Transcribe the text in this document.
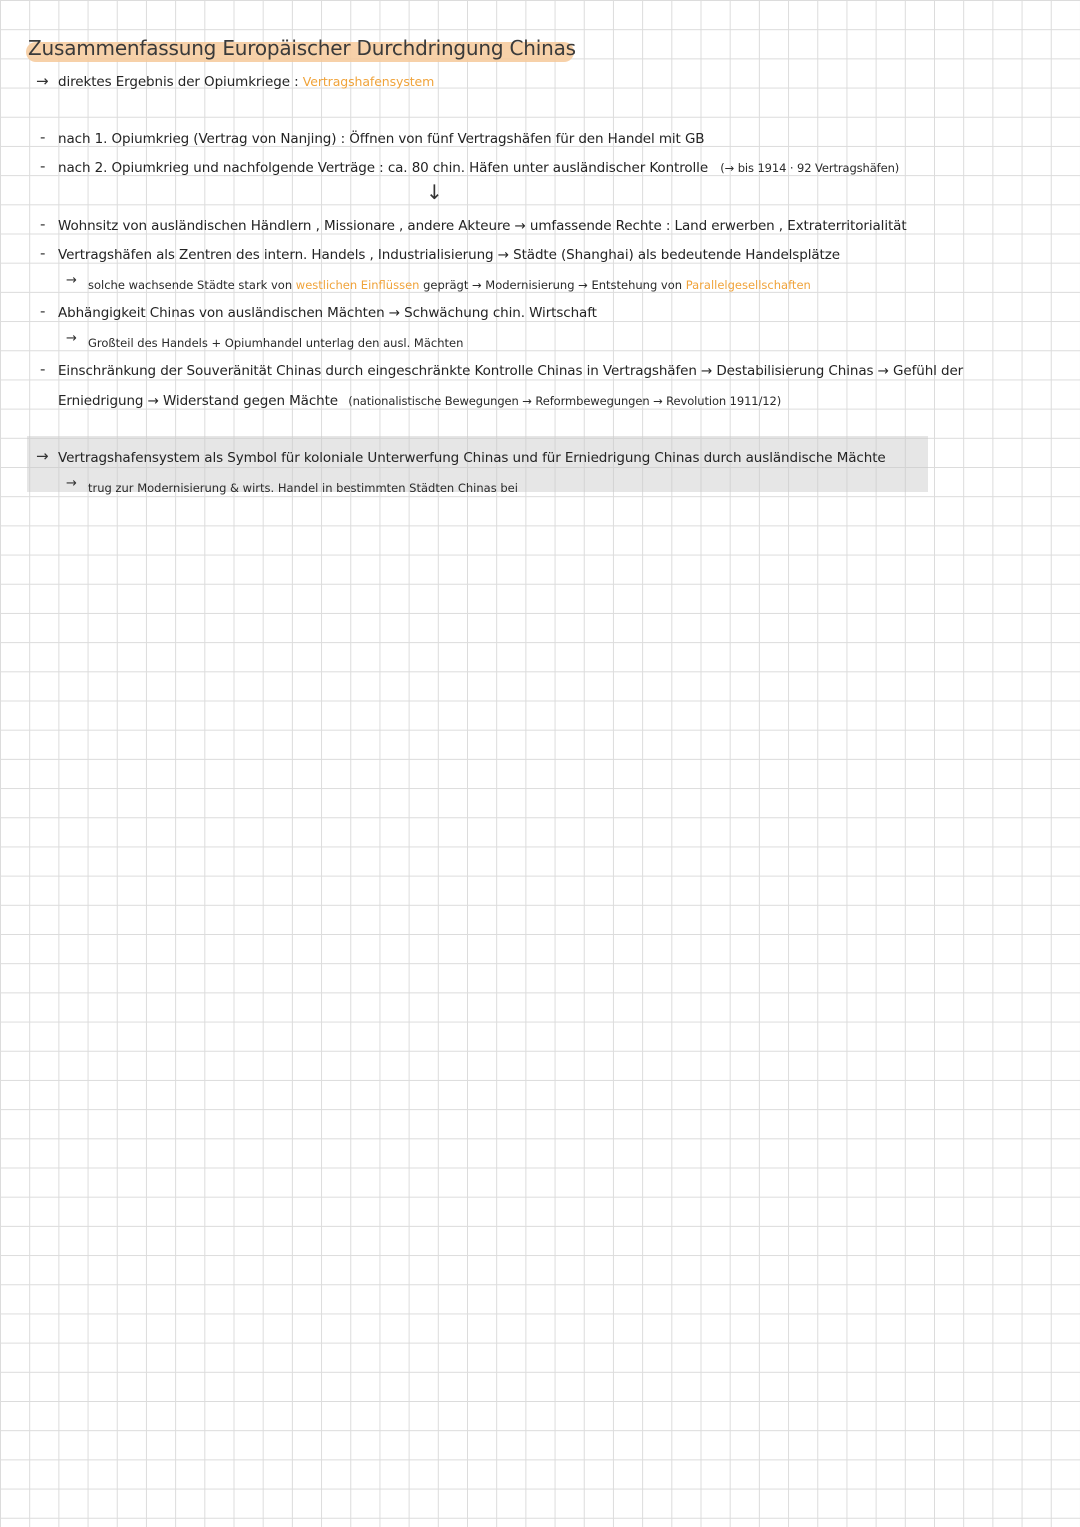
Zusammenfassung Europäischer Durchdringung Chinas
→ direktes Ergebnis der Opiumkriege : Vertragshafensystem
- nach 1. Opiumkrieg (Vertrag von Nanjing) : Öffnen von fünf Vertragshäfen für den Handel mit GB
- nach 2. Opiumkrieg und nachfolgende Verträge : ca. 80 chin. Häfen unter ausländischer Kontrolle (→ bis 1914 · 92 Vertragshäfen)
↓
- Wohnsitz von ausländischen Händlern , Missionare , andere Akteure → umfassende Rechte : Land erwerben , Extraterritorialität
- Vertragshäfen als Zentren des intern. Handels , Industrialisierung → Städte (Shanghai) als bedeutende Handelsplätze
→ solche wachsende Städte stark von westlichen Einflüssen geprägt → Modernisierung → Entstehung von Parallelgesellschaften
- Abhängigkeit Chinas von ausländischen Mächten → Schwächung chin. Wirtschaft
→ Großteil des Handels + Opiumhandel unterlag den ausl. Mächten
- Einschränkung der Souveränität Chinas durch eingeschränkte Kontrolle Chinas in Vertragshäfen → Destabilisierung Chinas → Gefühl der
Erniedrigung → Widerstand gegen Mächte (nationalistische Bewegungen → Reformbewegungen → Revolution 1911/12)
→ Vertragshafensystem als Symbol für koloniale Unterwerfung Chinas und für Erniedrigung Chinas durch ausländische Mächte
→ trug zur Modernisierung & wirts. Handel in bestimmten Städten Chinas bei
